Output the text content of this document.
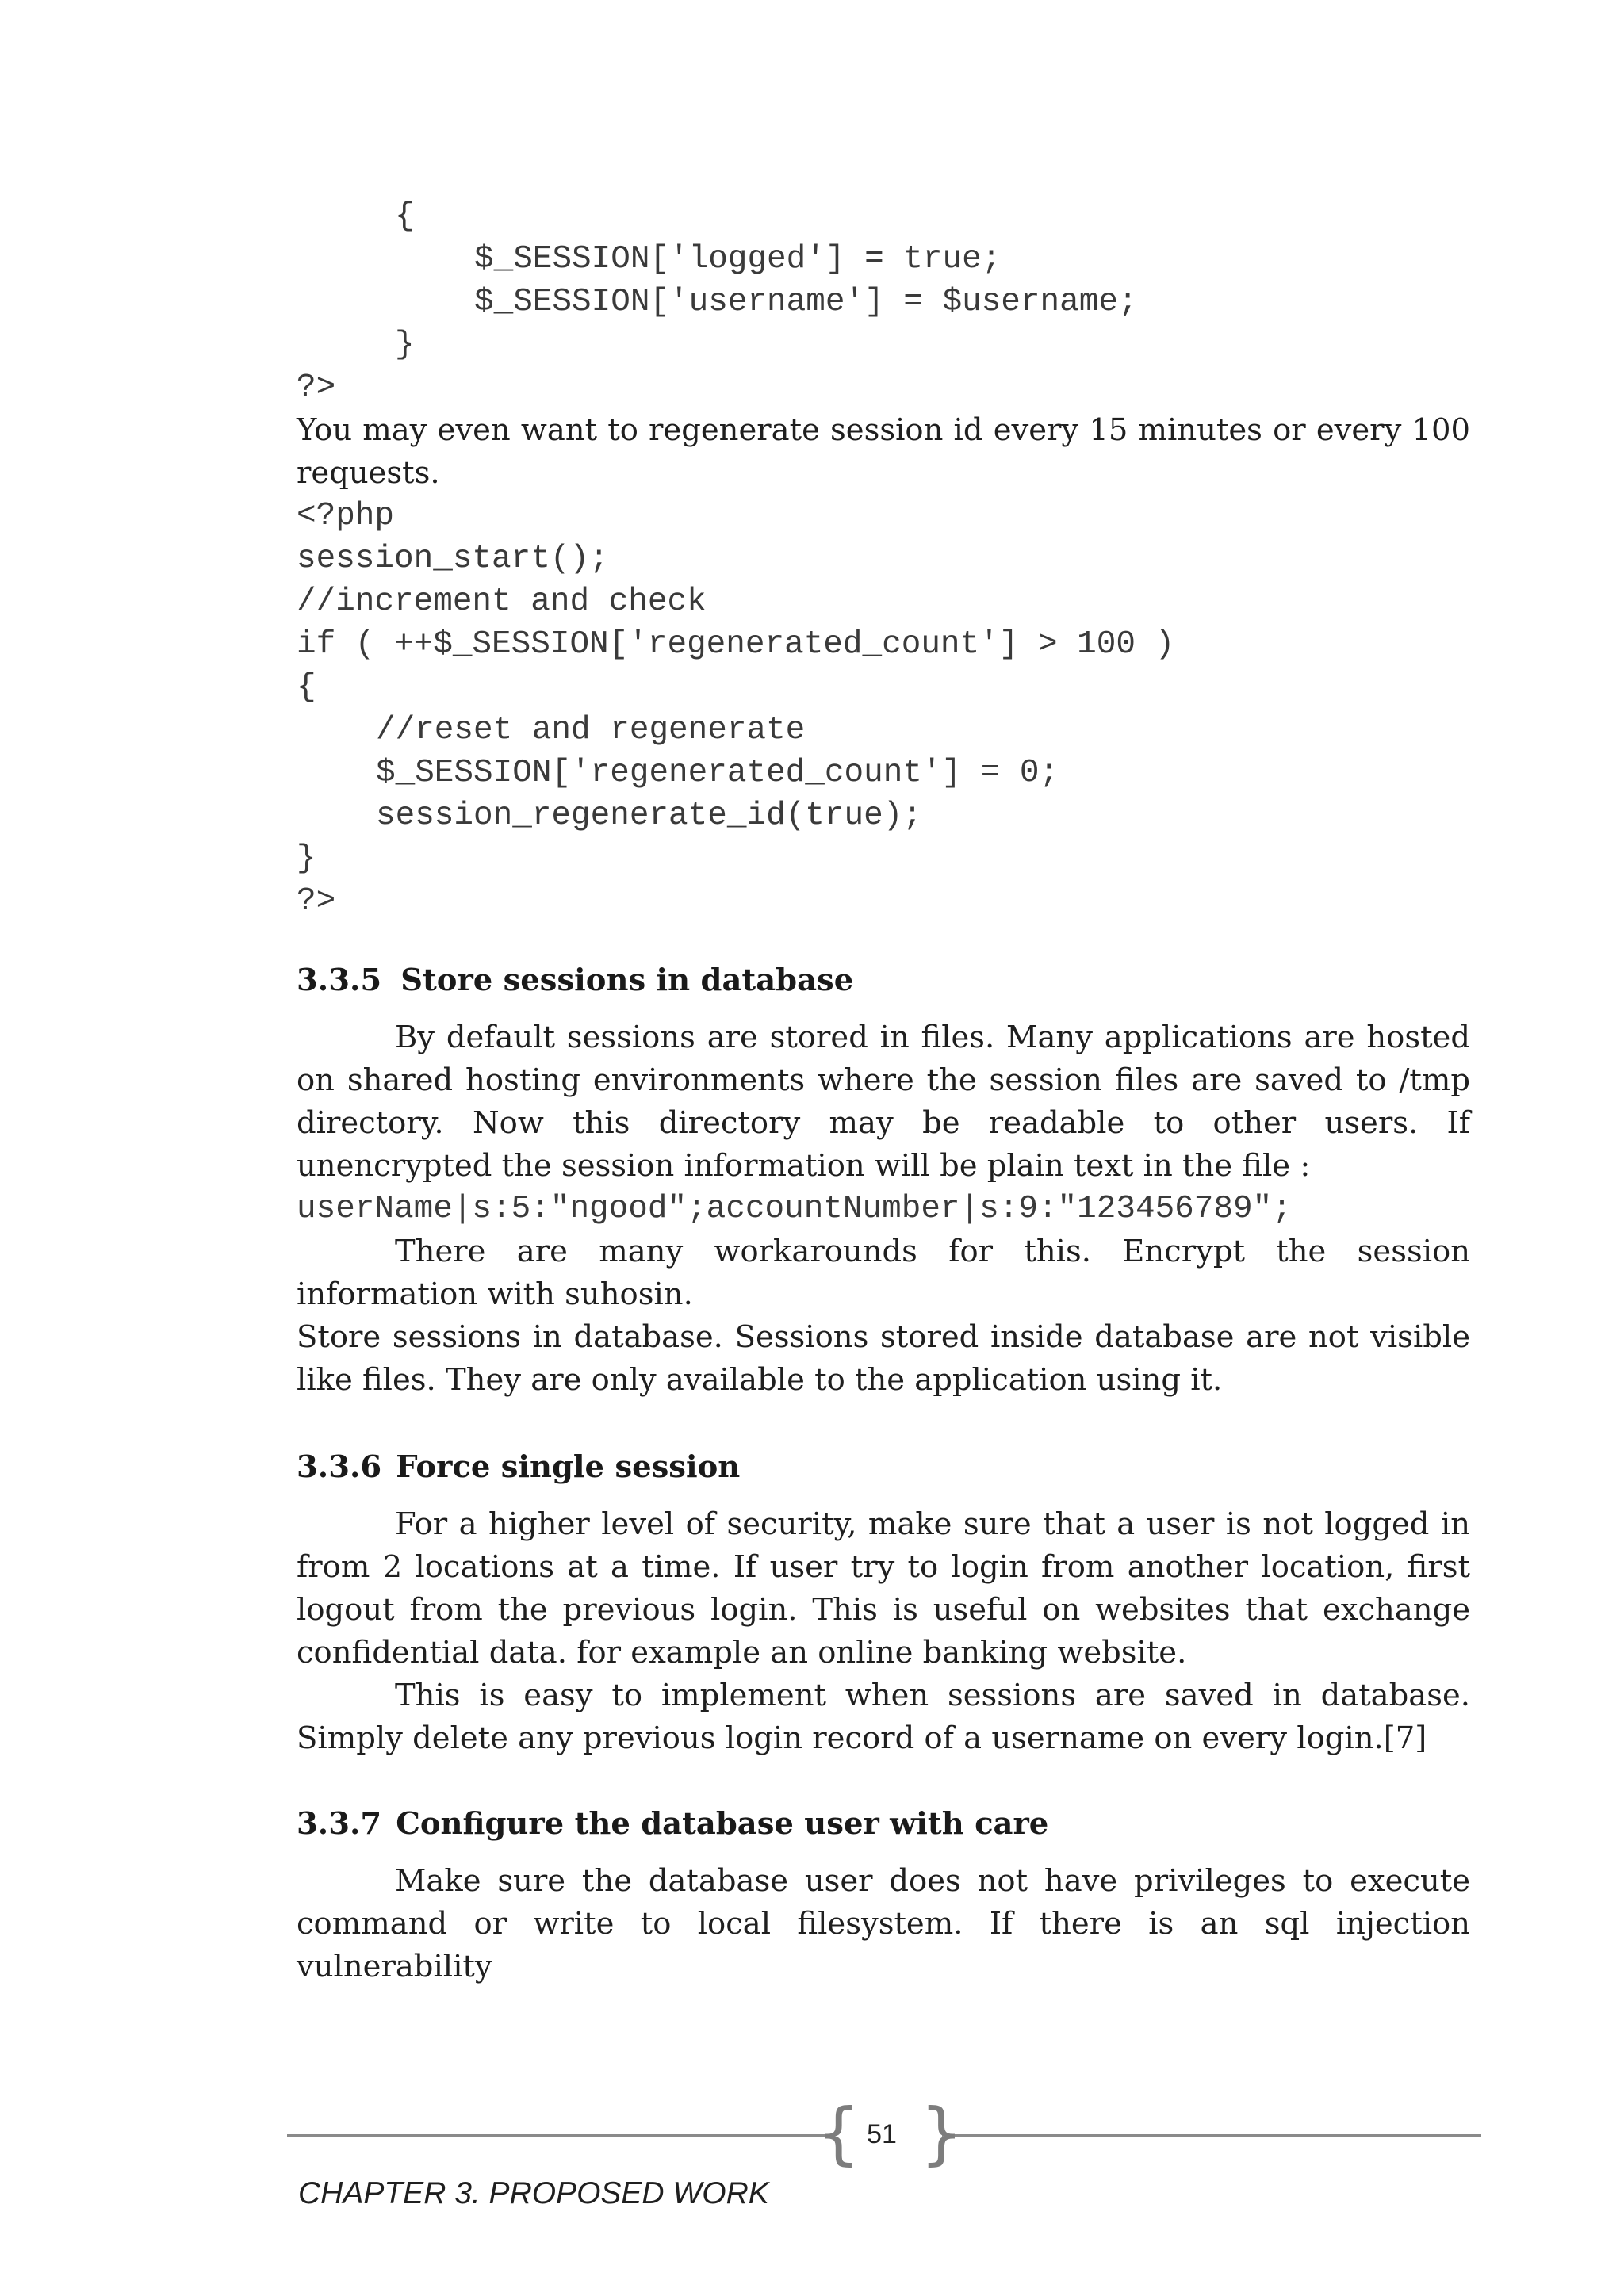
{
$_SESSION['logged'] = true;
$_SESSION['username'] = $username;
}
?>

You may even want to regenerate session id every 15 minutes or every 100 requests.

<?php
session_start();
//increment and check
if ( ++$_SESSION['regenerated_count'] > 100 )
{
//reset and regenerate
$_SESSION['regenerated_count'] = 0;
session_regenerate_id(true);
}
?>
3.3.5 Store sessions in database

By default sessions are stored in files. Many applications are hosted on shared hosting environments where the session files are saved to /tmp directory. Now this directory may be readable to other users. If unencrypted the session information will be plain text in the file :

userName|s:5:"ngood";accountNumber|s:9:"123456789";

There are many workarounds for this. Encrypt the session information with suhosin.

Store sessions in database. Sessions stored inside database are not visible like files. They are only available to the application using it.

3.3.6 Force single session

For a higher level of security, make sure that a user is not logged in from 2 locations at a time. If user try to login from another location, first logout from the previous login. This is useful on websites that exchange confidential data. for example an online banking website.

This is easy to implement when sessions are saved in database. Simply delete any previous login record of a username on every login.[7]

3.3.7 Configure the database user with care

Make sure the database user does not have privileges to execute command or write to local filesystem. If there is an sql injection vulnerability

{ }
51
CHAPTER 3. PROPOSED WORK
